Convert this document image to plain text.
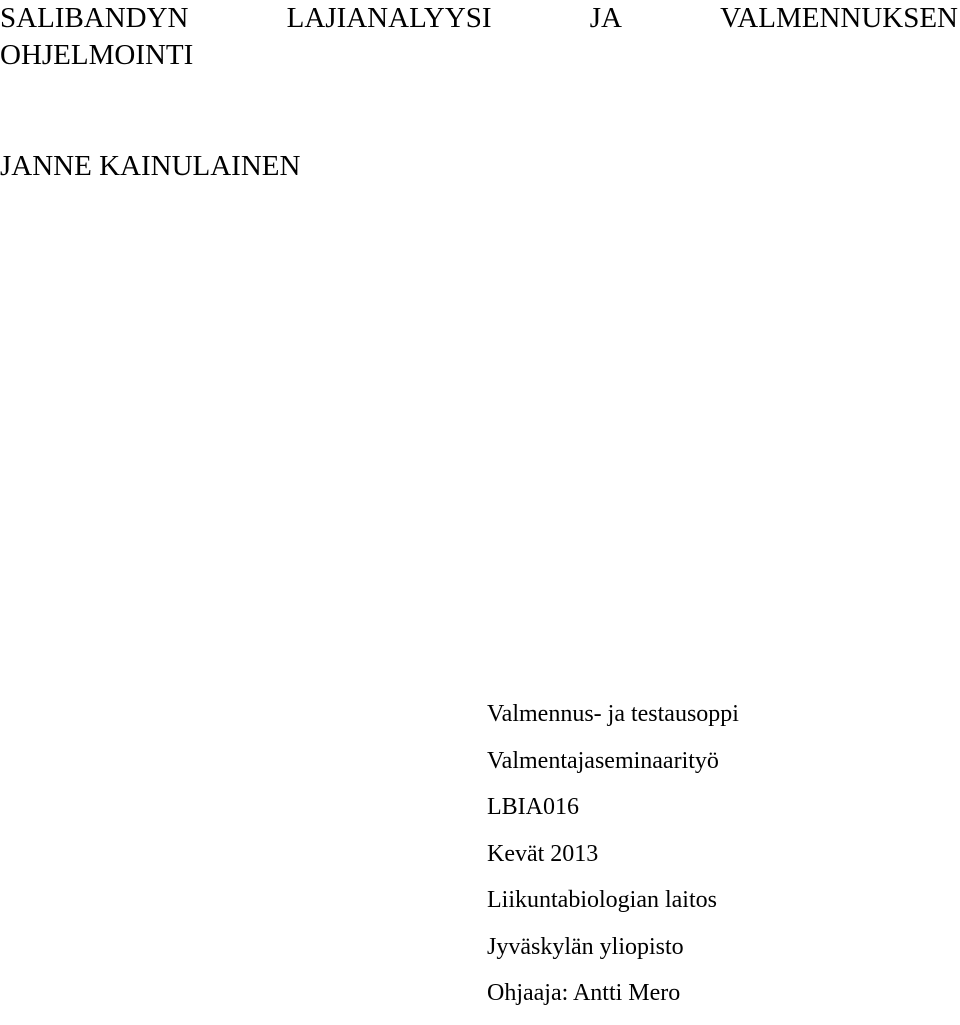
SALIBANDYN	LAJIANALYYSI	JA	VALMENNUKSEN
OHJELMOINTI

JANNE KAINULAINEN

Valmennus- ja testausoppi
Valmentajaseminaarityö
LBIA016
Kevät 2013
Liikuntabiologian laitos
Jyväskylän yliopisto
Ohjaaja: Antti Mero
